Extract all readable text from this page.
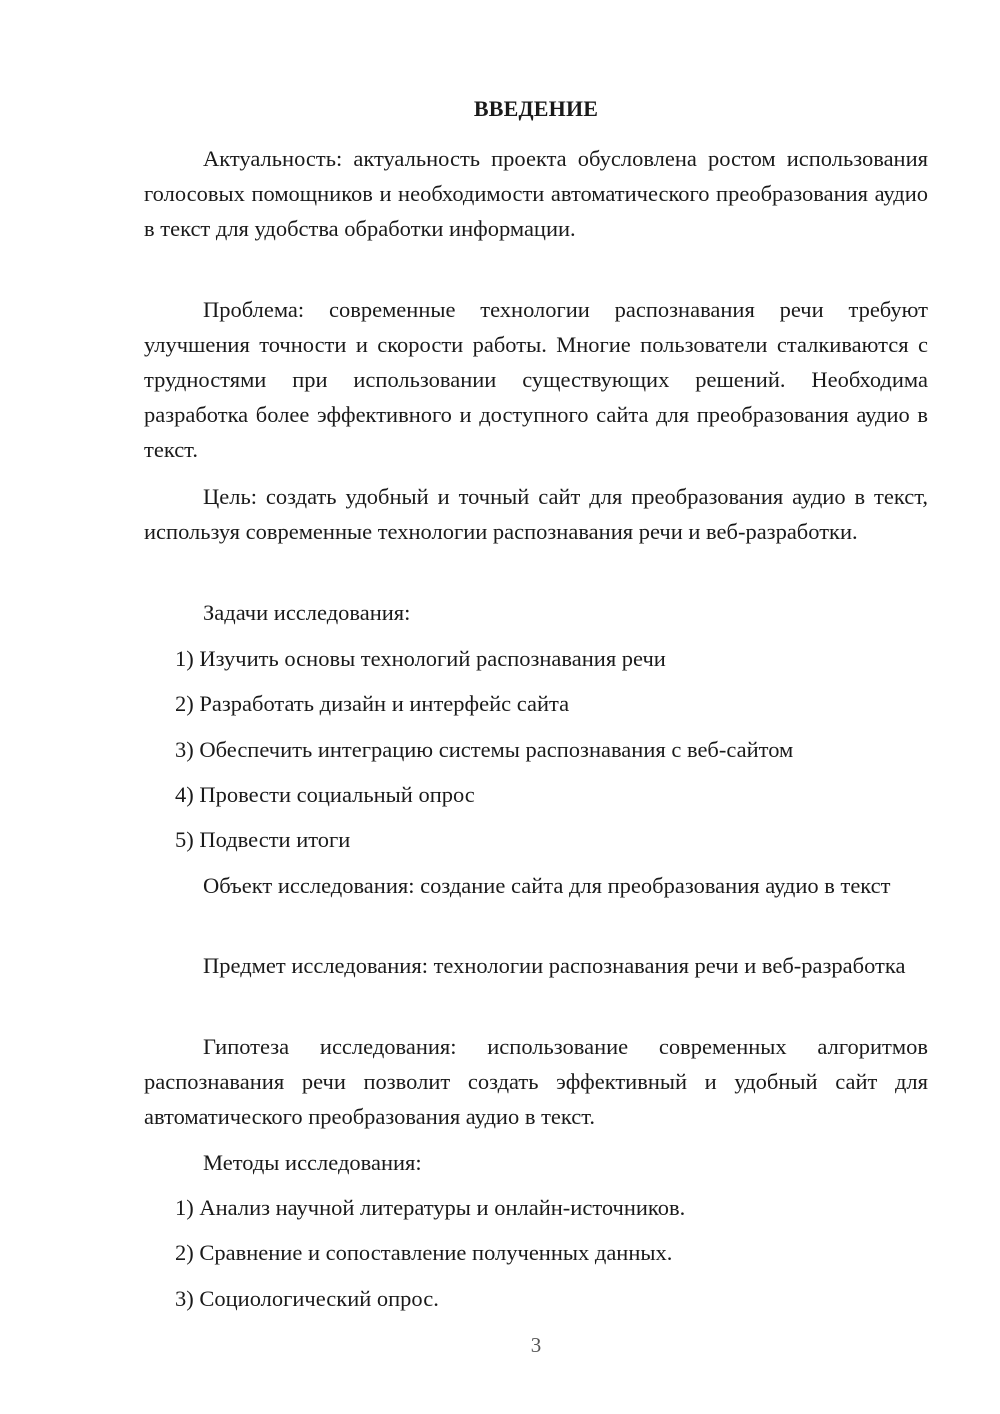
ВВЕДЕНИЕ

Актуальность: актуальность проекта обусловлена ростом использования голосовых помощников и необходимости автоматического преобразования аудио в текст для удобства обработки информации.

Проблема: современные технологии распознавания речи требуют улучшения точности и скорости работы. Многие пользователи сталкиваются с трудностями при использовании существующих решений. Необходима разработка более эффективного и доступного сайта для преобразования аудио в текст.

Цель: создать удобный и точный сайт для преобразования аудио в текст, используя современные технологии распознавания речи и веб-разработки.

Задачи исследования:

1) Изучить основы технологий распознавания речи

2) Разработать дизайн и интерфейс сайта

3) Обеспечить интеграцию системы распознавания с веб-сайтом

4) Провести социальный опрос

5) Подвести итоги

Объект исследования: создание сайта для преобразования аудио в текст

Предмет исследования: технологии распознавания речи и веб-разработка

Гипотеза исследования: использование современных алгоритмов распознавания речи позволит создать эффективный и удобный сайт для автоматического преобразования аудио в текст.

Методы исследования:

1) Анализ научной литературы и онлайн-источников.

2) Сравнение и сопоставление полученных данных.

3) Социологический опрос.

3
